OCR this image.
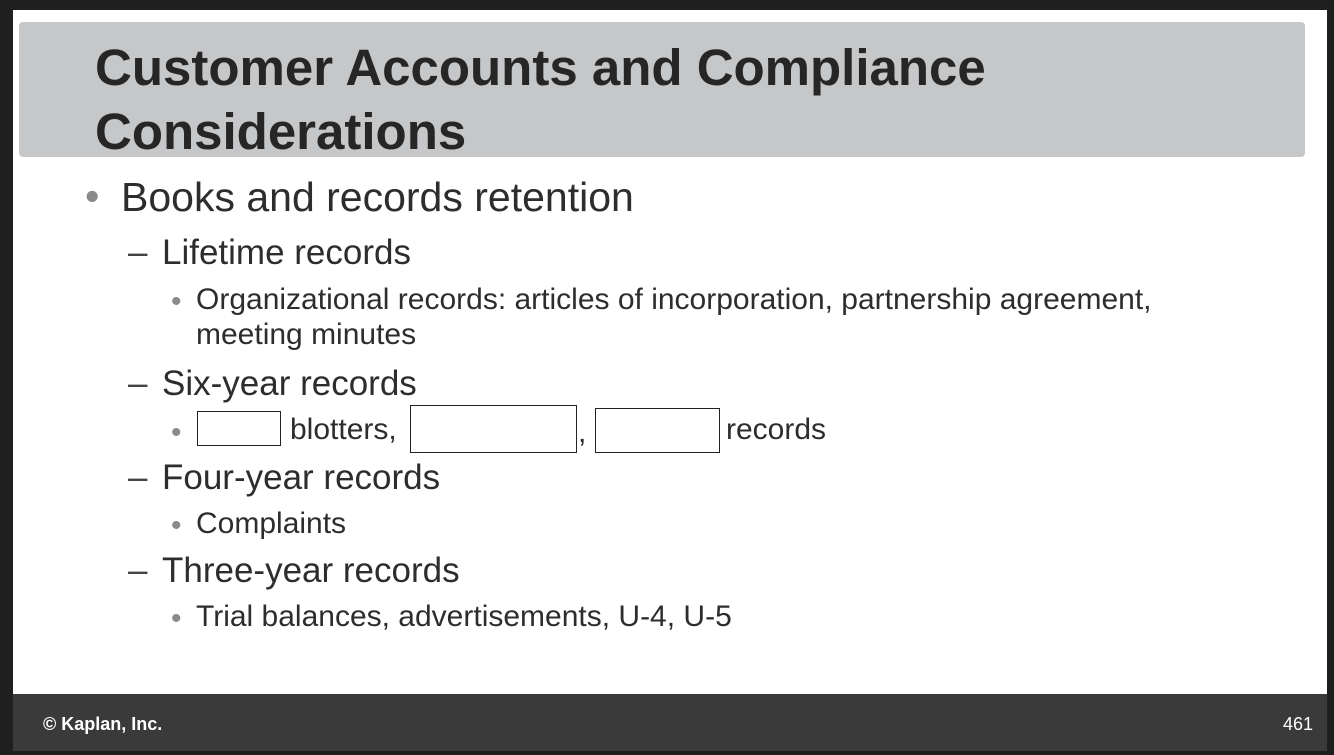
Customer Accounts and Compliance Considerations
• Books and records retention
– Lifetime records
• Organizational records: articles of incorporation, partnership agreement,
meeting minutes
– Six-year records
•	blotters,	,	records
– Four-year records
• Complaints
– Three-year records
• Trial balances, advertisements, U-4, U-5
© Kaplan, Inc.	461
